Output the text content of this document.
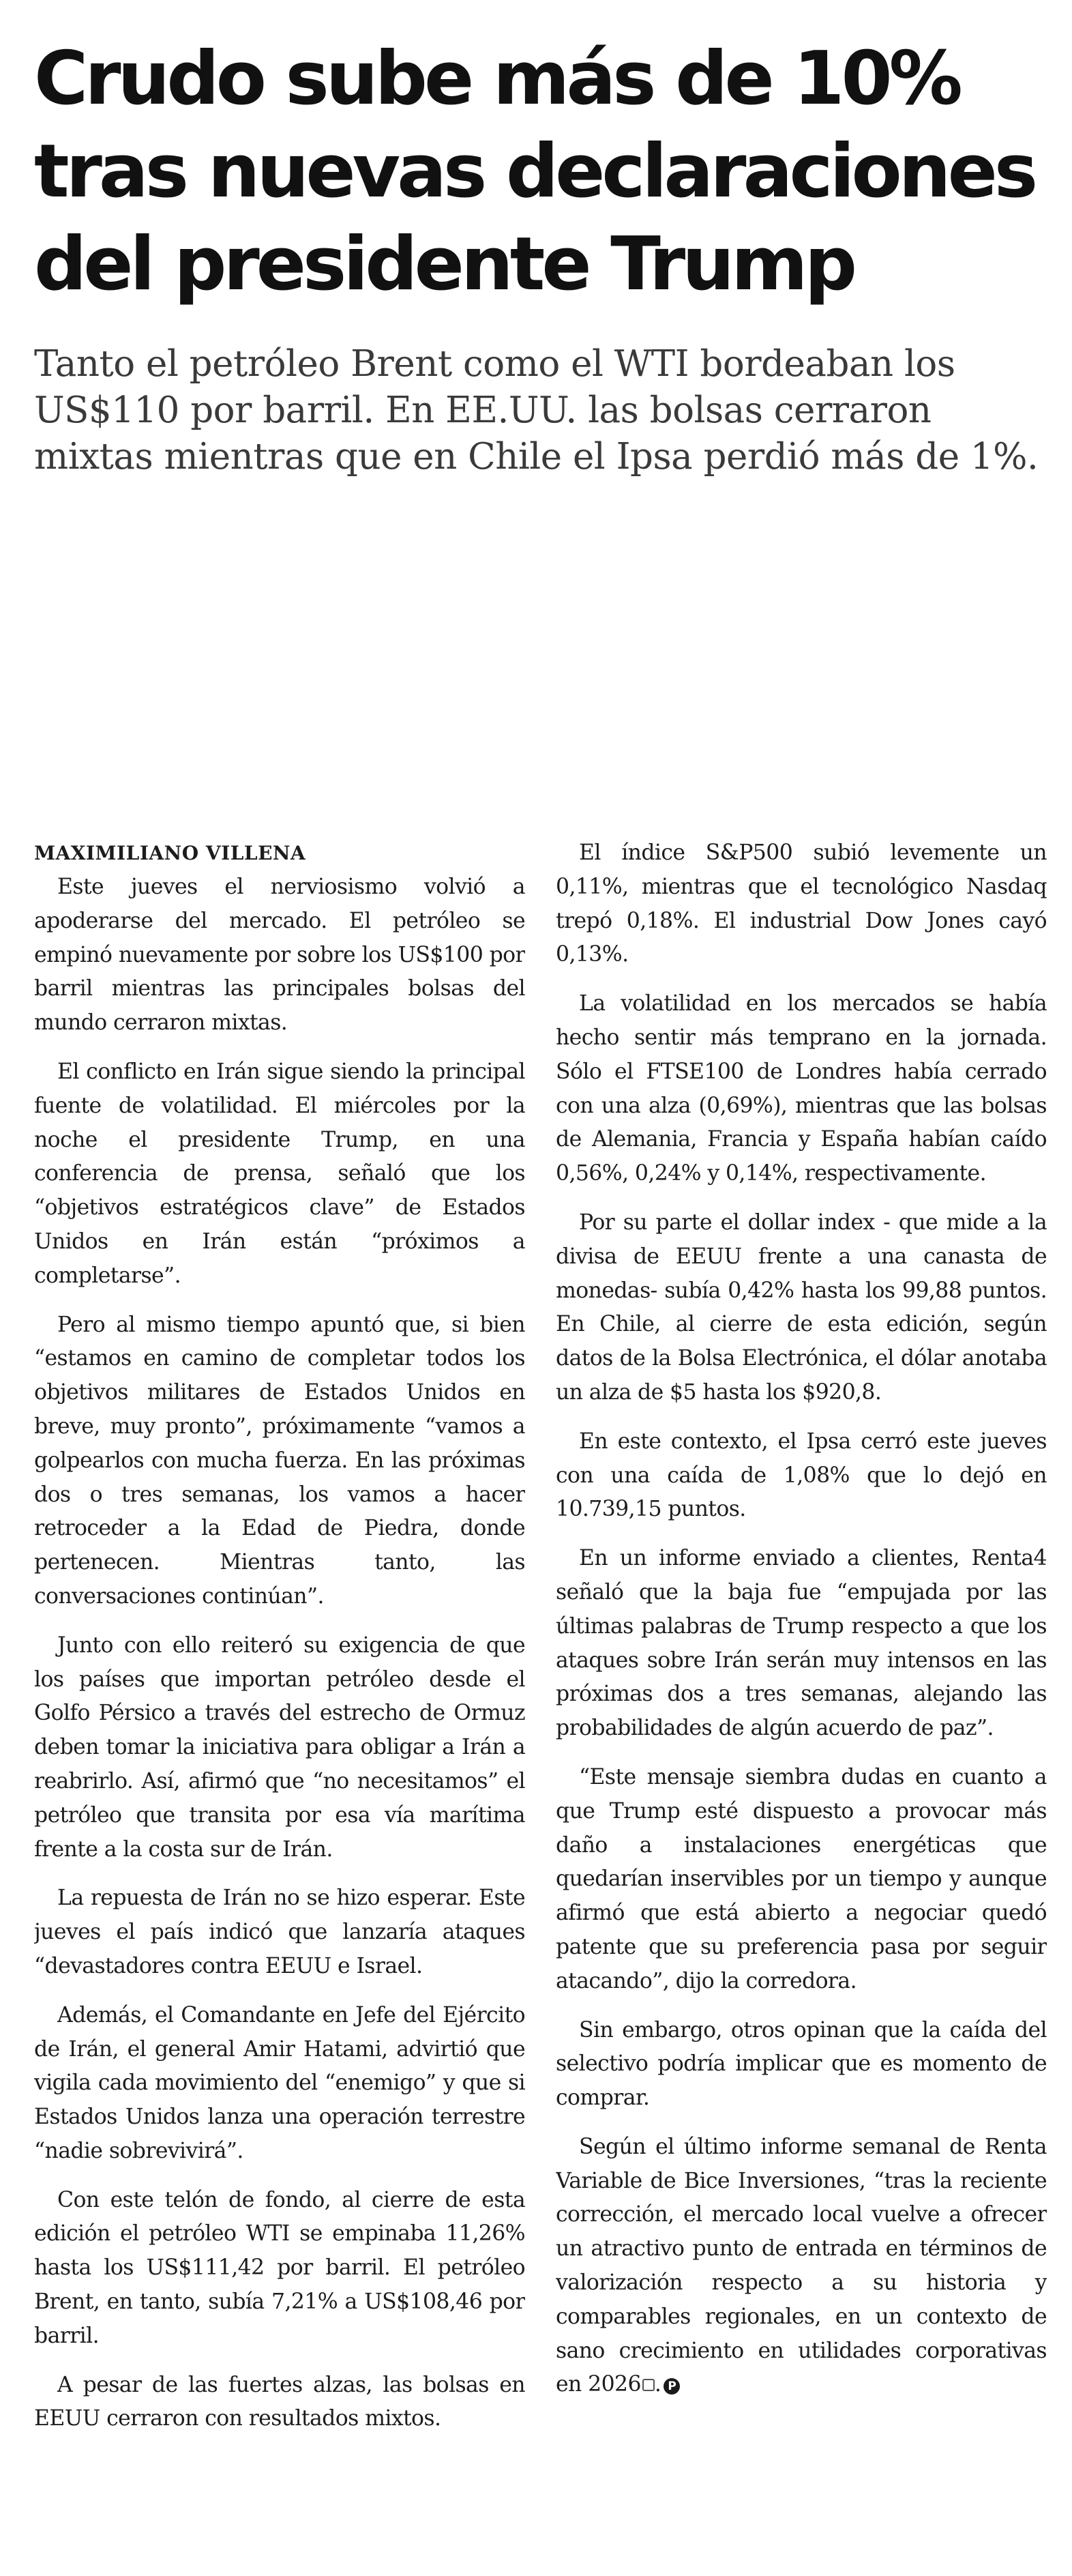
Crudo sube más de 10% tras nuevas declaraciones del presidente Trump

Tanto el petróleo Brent como el WTI bordeaban los US$110 por barril. En EE.UU. las bolsas cerraron mixtas mientras que en Chile el Ipsa perdió más de 1%.

MAXIMILIANO VILLENA

Este jueves el nerviosismo volvió a apoderarse del mercado. El petróleo se empinó nuevamente por sobre los US$100 por barril mientras las principales bolsas del mundo cerraron mixtas.

El conflicto en Irán sigue siendo la principal fuente de volatilidad. El miércoles por la noche el presidente Trump, en una conferencia de prensa, señaló que los “objetivos estratégicos clave” de Estados Unidos en Irán están “próximos a completarse”.

Pero al mismo tiempo apuntó que, si bien “estamos en camino de completar todos los objetivos militares de Estados Unidos en breve, muy pronto”, próximamente “vamos a golpearlos con mucha fuerza. En las próximas dos o tres semanas, los vamos a hacer retroceder a la Edad de Piedra, donde pertenecen. Mientras tanto, las conversaciones continúan”.

Junto con ello reiteró su exigencia de que los países que importan petróleo desde el Golfo Pérsico a través del estrecho de Ormuz deben tomar la iniciativa para obligar a Irán a reabrirlo. Así, afirmó que “no necesitamos” el petróleo que transita por esa vía marítima frente a la costa sur de Irán.

La repuesta de Irán no se hizo esperar. Este jueves el país indicó que lanzaría ataques “devastadores contra EEUU e Israel.

Además, el Comandante en Jefe del Ejército de Irán, el general Amir Hatami, advirtió que vigila cada movimiento del “enemigo” y que si Estados Unidos lanza una operación terrestre “nadie sobrevivirá”.

Con este telón de fondo, al cierre de esta edición el petróleo WTI se empinaba 11,26% hasta los US$111,42 por barril. El petróleo Brent, en tanto, subía 7,21% a US$108,46 por barril.

A pesar de las fuertes alzas, las bolsas en EEUU cerraron con resultados mixtos.

El índice S&P500 subió levemente un 0,11%, mientras que el tecnológico Nasdaq trepó 0,18%. El industrial Dow Jones cayó 0,13%.

La volatilidad en los mercados se había hecho sentir más temprano en la jornada. Sólo el FTSE100 de Londres había cerrado con una alza (0,69%), mientras que las bolsas de Alemania, Francia y España habían caído 0,56%, 0,24% y 0,14%, respectivamente.

Por su parte el dollar index - que mide a la divisa de EEUU frente a una canasta de monedas- subía 0,42% hasta los 99,88 puntos. En Chile, al cierre de esta edición, según datos de la Bolsa Electrónica, el dólar anotaba un alza de $5 hasta los $920,8.

En este contexto, el Ipsa cerró este jueves con una caída de 1,08% que lo dejó en 10.739,15 puntos.

En un informe enviado a clientes, Renta4 señaló que la baja fue “empujada por las últimas palabras de Trump respecto a que los ataques sobre Irán serán muy intensos en las próximas dos a tres semanas, alejando las probabilidades de algún acuerdo de paz”.

“Este mensaje siembra dudas en cuanto a que Trump esté dispuesto a provocar más daño a instalaciones energéticas que quedarían inservibles por un tiempo y aunque afirmó que está abierto a negociar quedó patente que su preferencia pasa por seguir atacando”, dijo la corredora.

Sin embargo, otros opinan que la caída del selectivo podría implicar que es momento de comprar.

Según el último informe semanal de Renta Variable de Bice Inversiones, “tras la reciente corrección, el mercado local vuelve a ofrecer un atractivo punto de entrada en términos de valorización respecto a su historia y comparables regionales, en un contexto de sano crecimiento en utilidades corporativas en 2026 . P
